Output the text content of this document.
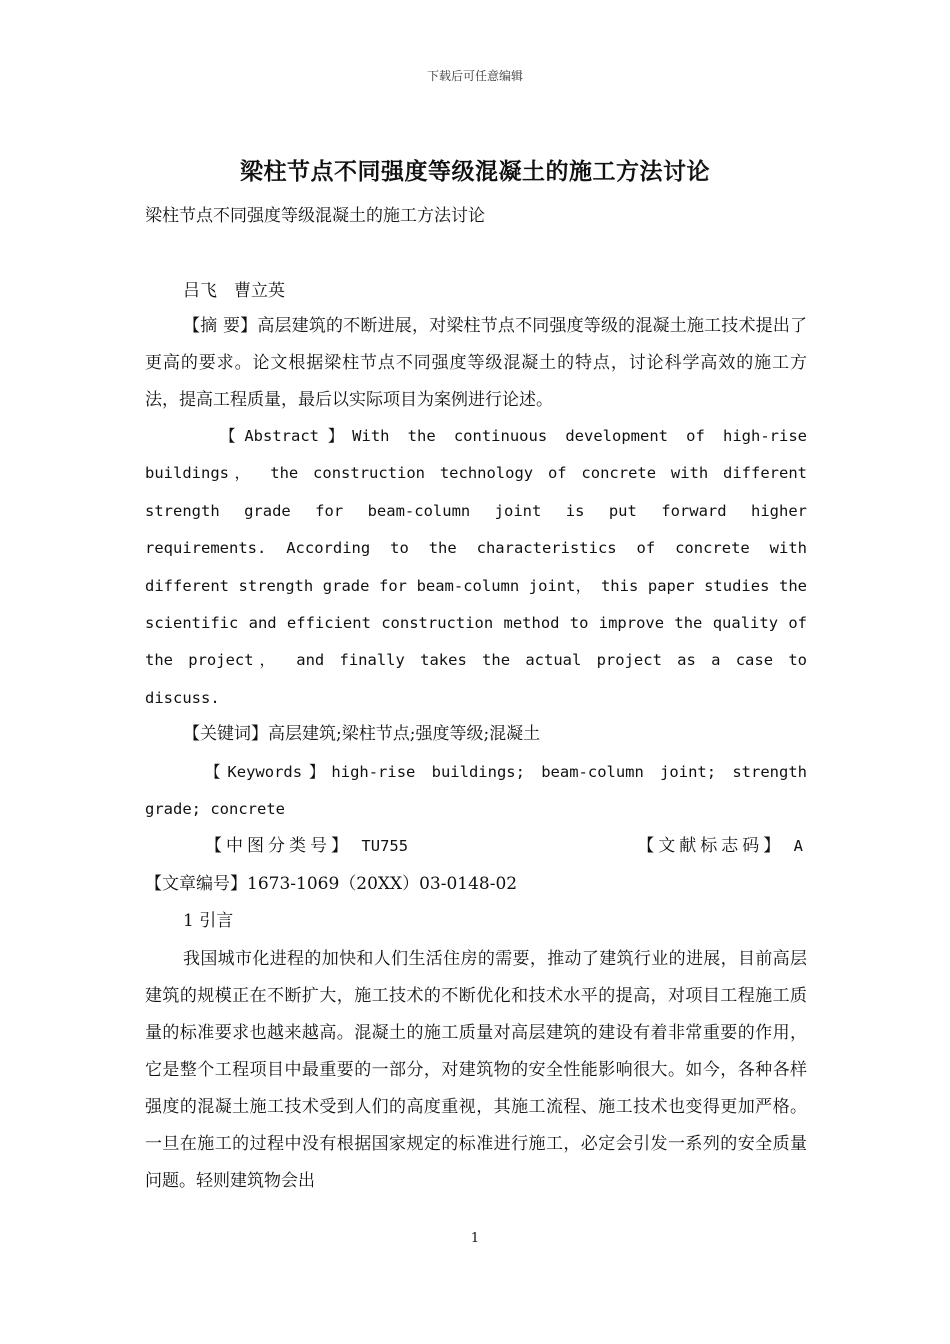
下载后可任意编辑
梁柱节点不同强度等级混凝土的施工方法讨论
梁柱节点不同强度等级混凝土的施工方法讨论
吕飞　曹立英

【摘 要】高层建筑的不断进展，对梁柱节点不同强度等级的混凝土施工技术提出了更高的要求。论文根据梁柱节点不同强度等级混凝土的特点，讨论科学高效的施工方法，提高工程质量，最后以实际项目为案例进行论述。

【Abstract】With the continuous development of high-rise buildings， the construction technology of concrete with different strength grade for beam-column joint is put forward higher requirements. According to the characteristics of concrete with different strength grade for beam-column joint， this paper studies the scientific and efficient construction method to improve the quality of the project， and finally takes the actual project as a case to discuss.

【关键词】高层建筑;梁柱节点;强度等级;混凝土

【Keywords】high-rise buildings; beam-column joint; strength grade; concrete

【中图分类号】 TU755	【文献标志码】 A
【文章编号】1673-1069（20XX）03-0148-02
1 引言

我国城市化进程的加快和人们生活住房的需要，推动了建筑行业的进展，目前高层建筑的规模正在不断扩大，施工技术的不断优化和技术水平的提高，对项目工程施工质量的标准要求也越来越高。混凝土的施工质量对高层建筑的建设有着非常重要的作用，它是整个工程项目中最重要的一部分，对建筑物的安全性能影响很大。如今，各种各样强度的混凝土施工技术受到人们的高度重视，其施工流程、施工技术也变得更加严格。一旦在施工的过程中没有根据国家规定的标准进行施工，必定会引发一系列的安全质量问题。轻则建筑物会出

1
